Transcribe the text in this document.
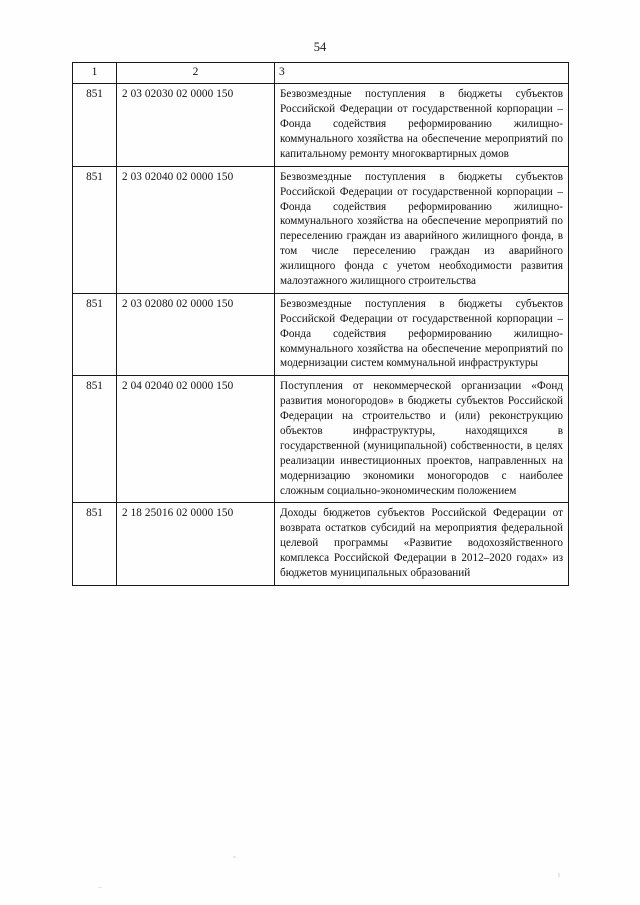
54
1	2	3
851	2 03 02030 02 0000 150	Безвозмездные поступления в бюджеты субъектов Российской Федерации от государственной корпорации – Фонда содействия реформированию жилищно-коммунального хозяйства на обеспечение мероприятий по капитальному ремонту многоквартирных домов
851	2 03 02040 02 0000 150	Безвозмездные поступления в бюджеты субъектов Российской Федерации от государственной корпорации – Фонда содействия реформированию жилищно-коммунального хозяйства на обеспечение мероприятий по переселению граждан из аварийного жилищного фонда, в том числе переселению граждан из аварийного жилищного фонда с учетом необходимости развития малоэтажного жилищного строительства
851	2 03 02080 02 0000 150	Безвозмездные поступления в бюджеты субъектов Российской Федерации от государственной корпорации – Фонда содействия реформированию жилищно-коммунального хозяйства на обеспечение мероприятий по модернизации систем коммунальной инфраструктуры
851	2 04 02040 02 0000 150	Поступления от некоммерческой организации «Фонд развития моногородов» в бюджеты субъектов Российской Федерации на строительство и (или) реконструкцию объектов инфраструктуры, находящихся в государственной (муниципальной) собственности, в целях реализации инвестиционных проектов, направленных на модернизацию экономики моногородов с наиболее сложным социально-экономическим положением
851	2 18 25016 02 0000 150	Доходы бюджетов субъектов Российской Федерации от возврата остатков субсидий на мероприятия федеральной целевой программы «Развитие водохозяйственного комплекса Российской Федерации в 2012–2020 годах» из бюджетов муниципальных образований
